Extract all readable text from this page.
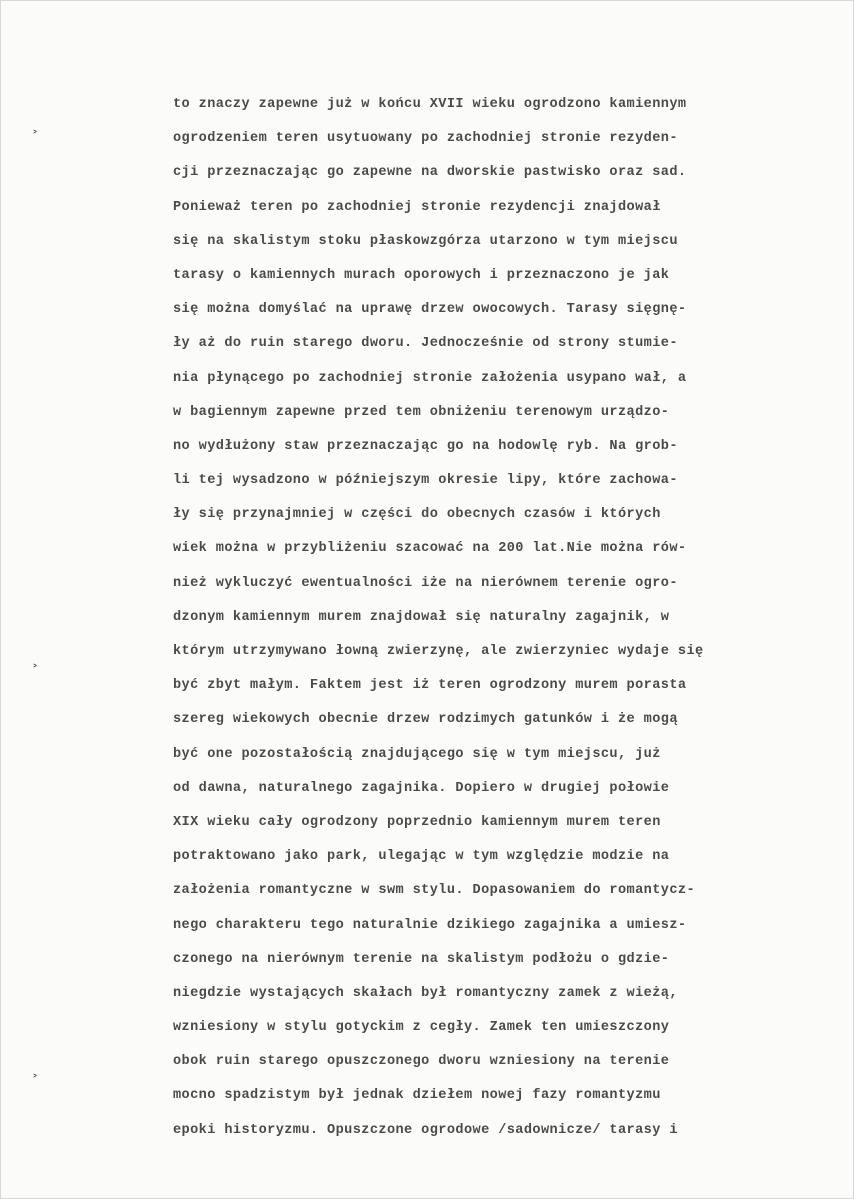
˃
˃
˃
to znaczy zapewne już w końcu XVII wieku ogrodzono kamiennym
ogrodzeniem teren usytuowany po zachodniej stronie rezyden-
cji przeznaczając go zapewne na dworskie pastwisko oraz sad.
Ponieważ teren po zachodniej stronie rezydencji znajdował
się na skalistym stoku płaskowzgórza utarzono w tym miejscu
tarasy o kamiennych murach oporowych i przeznaczono je jak
się można domyślać na uprawę drzew owocowych. Tarasy sięgnę-
ły aż do ruin starego dworu. Jednocześnie od strony stumie-
nia płynącego po zachodniej stronie założenia usypano wał, a
w bagiennym zapewne przed tem obniżeniu terenowym urządzo-
no wydłużony staw przeznaczając go na hodowlę ryb. Na grob-
li tej wysadzono w późniejszym okresie lipy, które zachowa-
ły się przynajmniej w części do obecnych czasów i których
wiek można w przybliżeniu szacować na 200 lat.Nie można rów-
nież wykluczyć ewentualności iże na nierównem terenie ogro-
dzonym kamiennym murem znajdował się naturalny zagajnik, w
którym utrzymywano łowną zwierzynę, ale zwierzyniec wydaje się
być zbyt małym. Faktem jest iż teren ogrodzony murem porasta
szereg wiekowych obecnie drzew rodzimych gatunków i że mogą
być one pozostałością znajdującego się w tym miejscu, już
od dawna, naturalnego zagajnika. Dopiero w drugiej połowie
XIX wieku cały ogrodzony poprzednio kamiennym murem teren
potraktowano jako park, ulegając w tym względzie modzie na
założenia romantyczne w swm stylu. Dopasowaniem do romantycz-
nego charakteru tego naturalnie dzikiego zagajnika a umiesz-
czonego na nierównym terenie na skalistym podłożu o gdzie-
niegdzie wystających skałach był romantyczny zamek z wieżą,
wzniesiony w stylu gotyckim z cegły. Zamek ten umieszczony
obok ruin starego opuszczonego dworu wzniesiony na terenie
mocno spadzistym był jednak dziełem nowej fazy romantyzmu
epoki historyzmu. Opuszczone ogrodowe /sadownicze/ tarasy i
